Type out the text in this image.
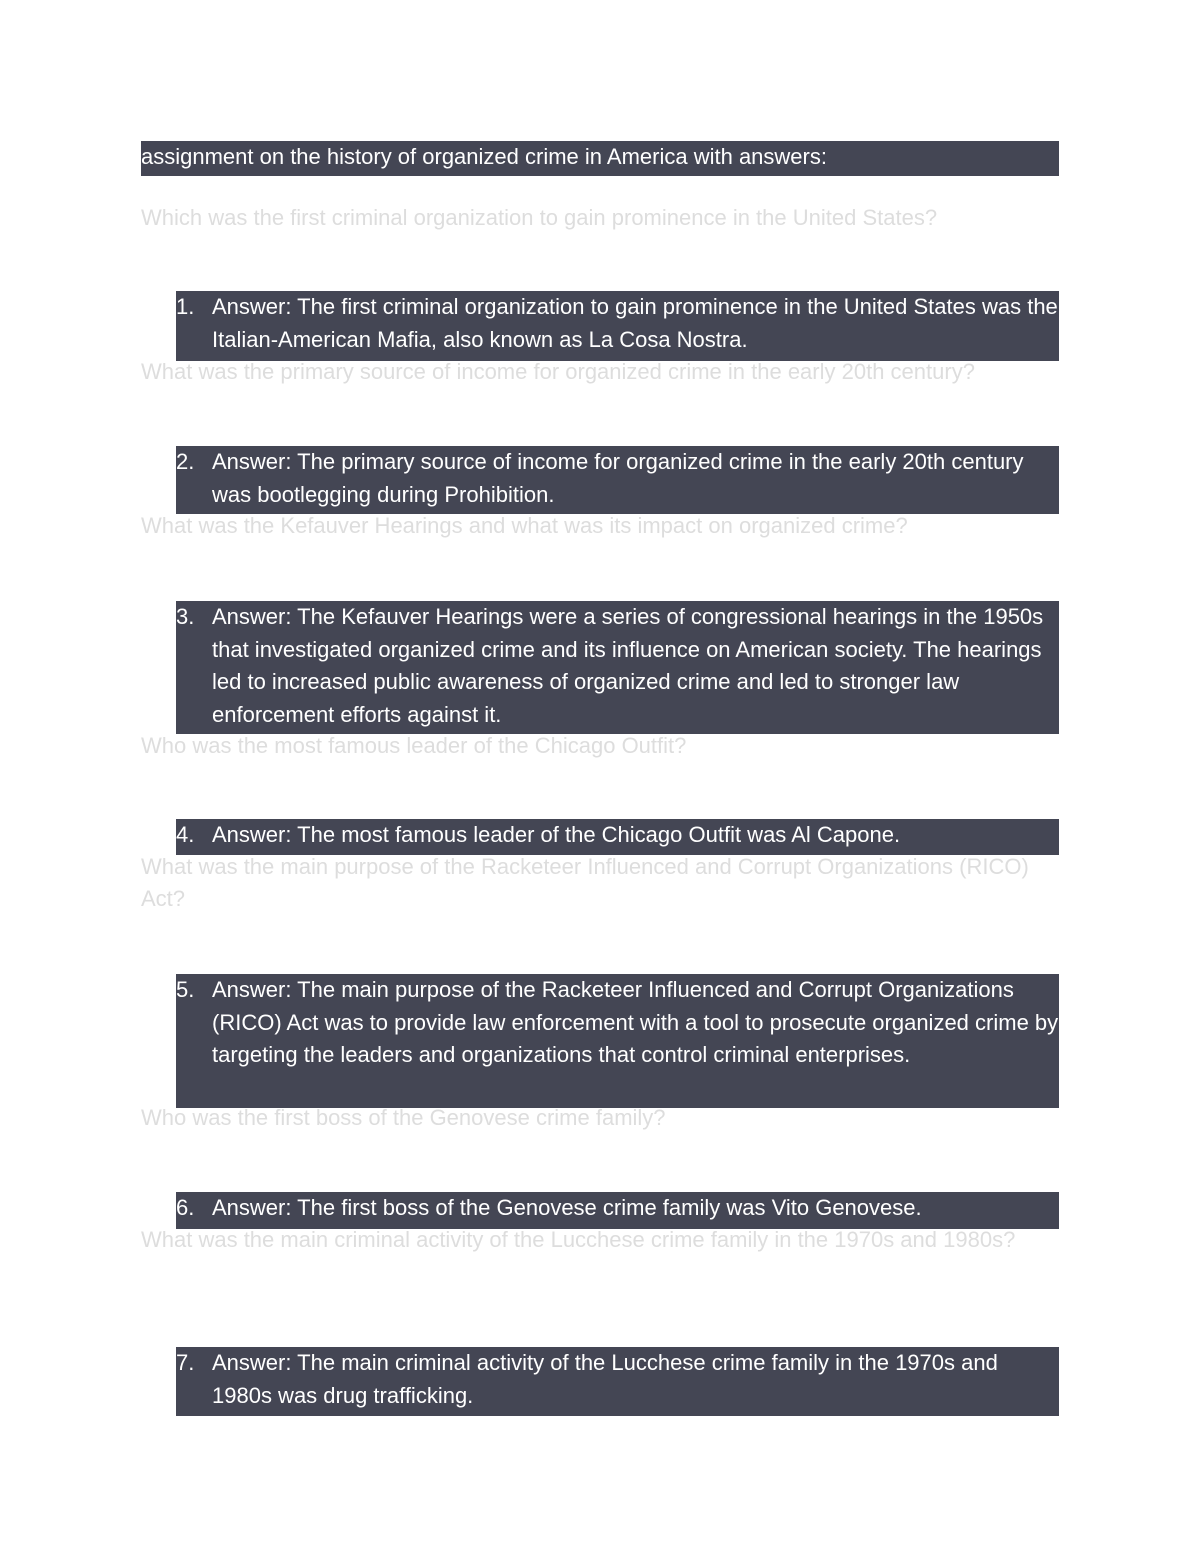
assignment on the history of organized crime in America with answers:
Which was the first criminal organization to gain prominence in the United States?
1. Answer: The first criminal organization to gain prominence in the United States was the Italian-American Mafia, also known as La Cosa Nostra.
What was the primary source of income for organized crime in the early 20th century?
2. Answer: The primary source of income for organized crime in the early 20th century was bootlegging during Prohibition.
What was the Kefauver Hearings and what was its impact on organized crime?
3. Answer: The Kefauver Hearings were a series of congressional hearings in the 1950s that investigated organized crime and its influence on American society. The hearings led to increased public awareness of organized crime and led to stronger law enforcement efforts against it.
Who was the most famous leader of the Chicago Outfit?
4. Answer: The most famous leader of the Chicago Outfit was Al Capone.
What was the main purpose of the Racketeer Influenced and Corrupt Organizations (RICO) Act?
5. Answer: The main purpose of the Racketeer Influenced and Corrupt Organizations (RICO) Act was to provide law enforcement with a tool to prosecute organized crime by targeting the leaders and organizations that control criminal enterprises.
Who was the first boss of the Genovese crime family?
6. Answer: The first boss of the Genovese crime family was Vito Genovese.
What was the main criminal activity of the Lucchese crime family in the 1970s and 1980s?
7. Answer: The main criminal activity of the Lucchese crime family in the 1970s and 1980s was drug trafficking.
